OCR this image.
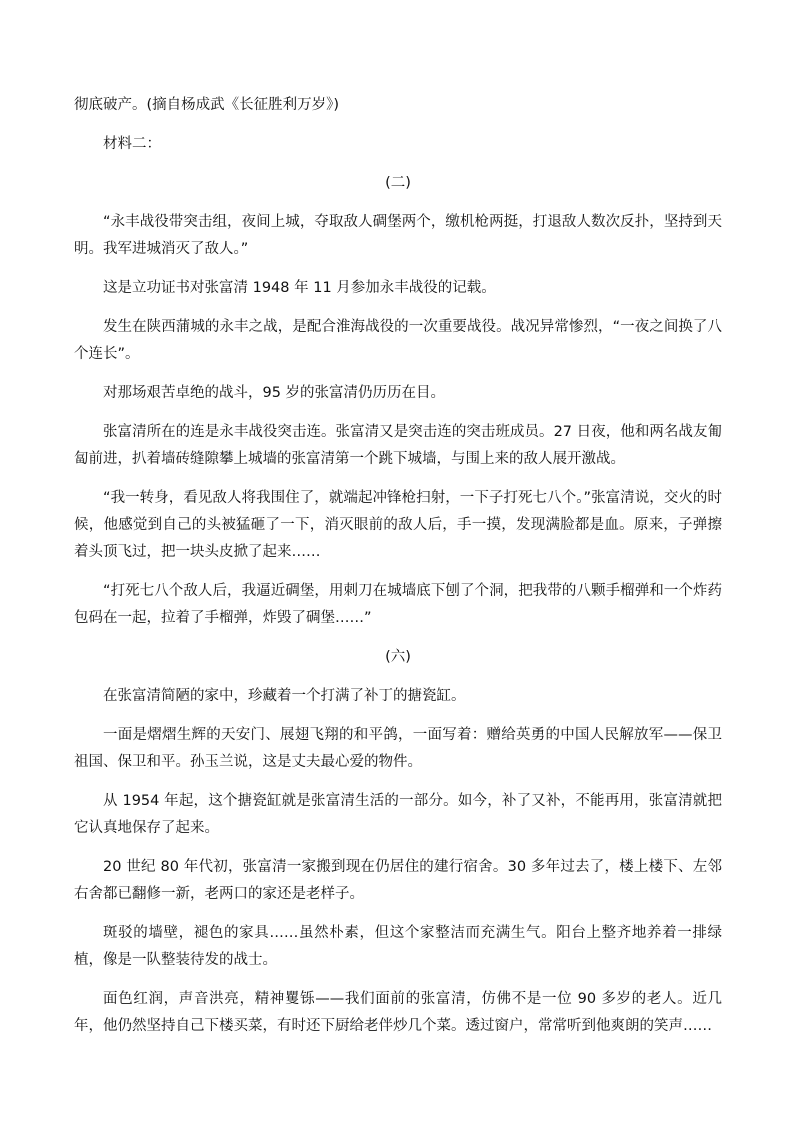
彻底破产。(摘自杨成武《长征胜利万岁》)

材料二：

(二)

“永丰战役带突击组，夜间上城，夺取敌人碉堡两个，缴机枪两挺，打退敌人数次反扑，坚持到天明。我军进城消灭了敌人。”

这是立功证书对张富清 1948 年 11 月参加永丰战役的记载。

发生在陕西蒲城的永丰之战，是配合淮海战役的一次重要战役。战况异常惨烈，“一夜之间换了八个连长”。

对那场艰苦卓绝的战斗，95 岁的张富清仍历历在目。

张富清所在的连是永丰战役突击连。张富清又是突击连的突击班成员。27 日夜，他和两名战友匍匐前进，扒着墙砖缝隙攀上城墙的张富清第一个跳下城墙，与围上来的敌人展开激战。

“我一转身，看见敌人将我围住了，就端起冲锋枪扫射，一下子打死七八个。”张富清说，交火的时候，他感觉到自己的头被猛砸了一下，消灭眼前的敌人后，手一摸，发现满脸都是血。原来，子弹擦着头顶飞过，把一块头皮掀了起来……

“打死七八个敌人后，我逼近碉堡，用刺刀在城墙底下刨了个洞，把我带的八颗手榴弹和一个炸药包码在一起，拉着了手榴弹，炸毁了碉堡……”

(六)

在张富清简陋的家中，珍藏着一个打满了补丁的搪瓷缸。

一面是熠熠生辉的天安门、展翅飞翔的和平鸽，一面写着：赠给英勇的中国人民解放军——保卫祖国、保卫和平。孙玉兰说，这是丈夫最心爱的物件。

从 1954 年起，这个搪瓷缸就是张富清生活的一部分。如今，补了又补，不能再用，张富清就把它认真地保存了起来。

20 世纪 80 年代初，张富清一家搬到现在仍居住的建行宿舍。30 多年过去了，楼上楼下、左邻右舍都已翻修一新，老两口的家还是老样子。

斑驳的墙壁，褪色的家具……虽然朴素，但这个家整洁而充满生气。阳台上整齐地养着一排绿植，像是一队整装待发的战士。

面色红润，声音洪亮，精神矍铄——我们面前的张富清，仿佛不是一位 90 多岁的老人。近几年，他仍然坚持自己下楼买菜，有时还下厨给老伴炒几个菜。透过窗户，常常听到他爽朗的笑声……
